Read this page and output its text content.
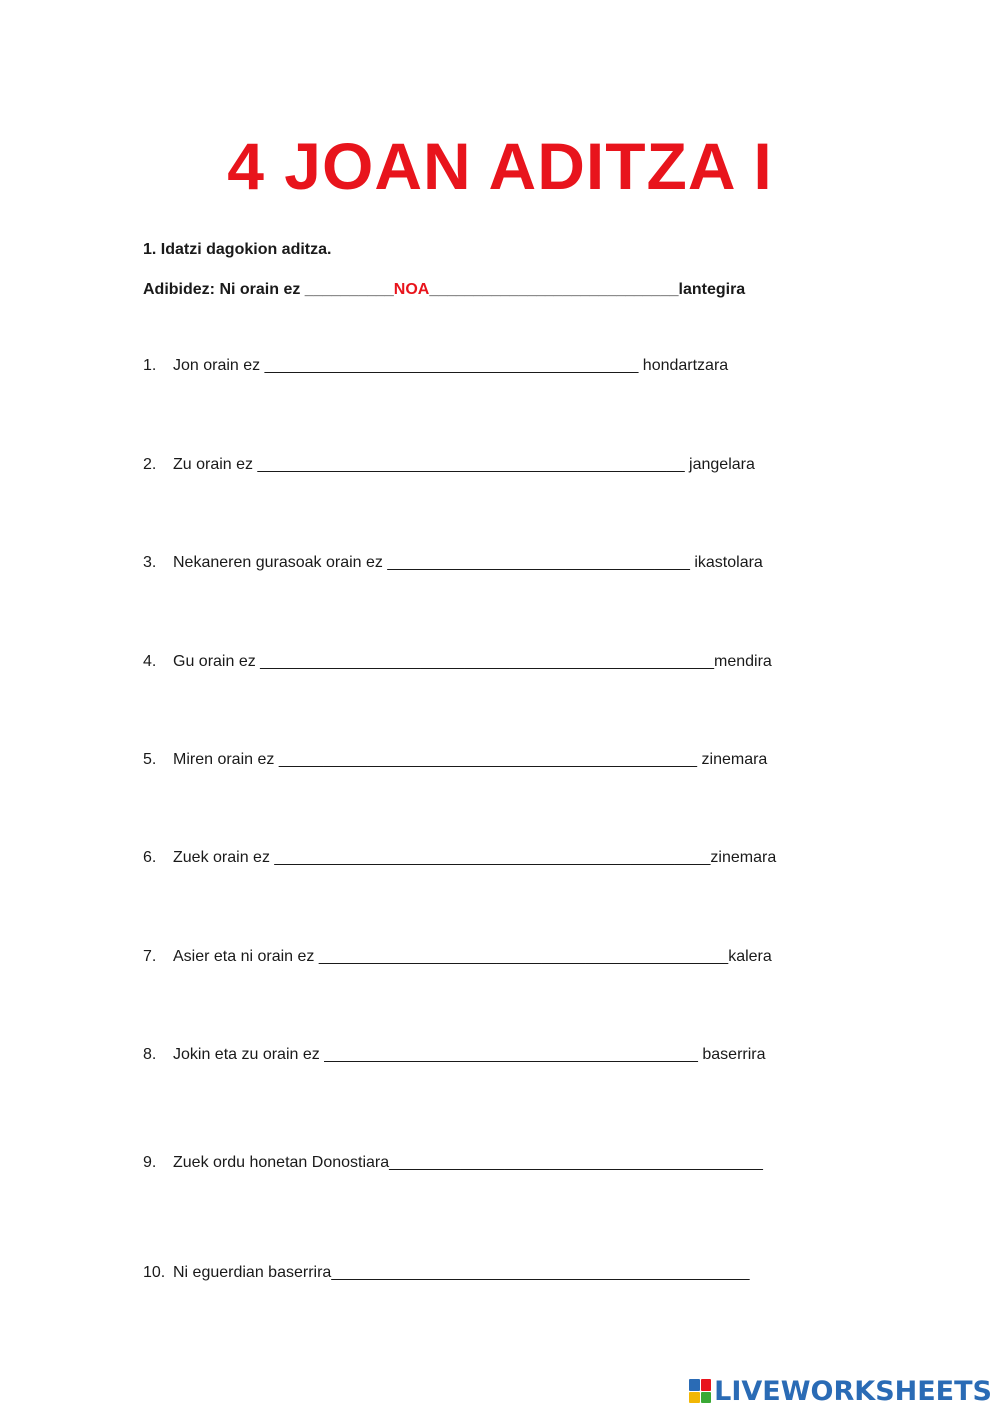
4 JOAN ADITZA I
1. Idatzi dagokion aditza.
Adibidez: Ni orain ez __________NOA____________________________lantegira
1. Jon orain ez __________________________________________ hondartzara
2. Zu orain ez ________________________________________________ jangelara
3. Nekaneren gurasoak orain ez __________________________________ ikastolara
4. Gu orain ez ___________________________________________________mendira
5. Miren orain ez _______________________________________________ zinemara
6. Zuek orain ez _________________________________________________zinemara
7. Asier eta ni orain ez ______________________________________________kalera
8. Jokin eta zu orain ez __________________________________________ baserrira
9. Zuek ordu honetan Donostiara__________________________________________
10. Ni eguerdian baserrira_______________________________________________
LIVEWORKSHEETS
